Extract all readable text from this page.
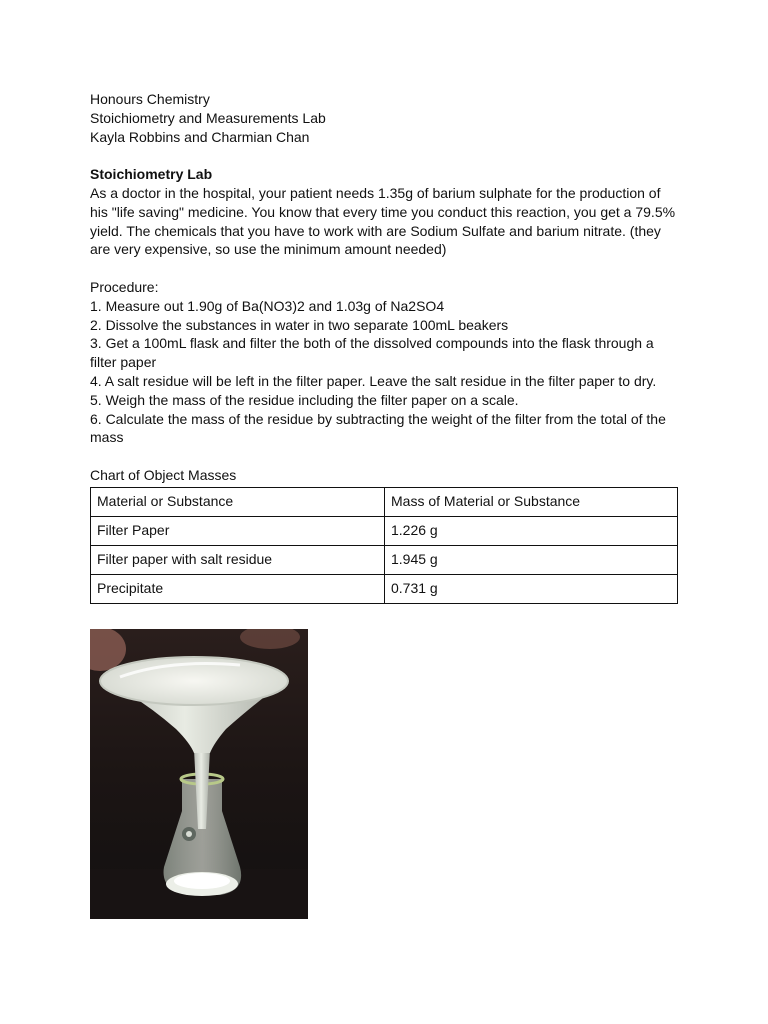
Honours Chemistry
Stoichiometry and Measurements Lab
Kayla Robbins and Charmian Chan
Stoichiometry Lab
As a doctor in the hospital, your patient needs 1.35g of barium sulphate for the production of his "life saving" medicine. You know that every time you conduct this reaction, you get a 79.5% yield. The chemicals that you have to work with are Sodium Sulfate and barium nitrate. (they are very expensive, so use the minimum amount needed)
Procedure:
1. Measure out 1.90g of Ba(NO3)2 and 1.03g of Na2SO4
2. Dissolve the substances in water in two separate 100mL beakers
3. Get a 100mL flask and filter the both of the dissolved compounds into the flask through a filter paper
4. A salt residue will be left in the filter paper. Leave the salt residue in the filter paper to dry.
5. Weigh the mass of the residue including the filter paper on a scale.
6. Calculate the mass of the residue by subtracting the weight of the filter from the total of the mass
Chart of Object Masses
Material or Substance	Mass of Material or Substance
Filter Paper	1.226 g
Filter paper with salt residue	1.945 g
Precipitate	0.731 g
